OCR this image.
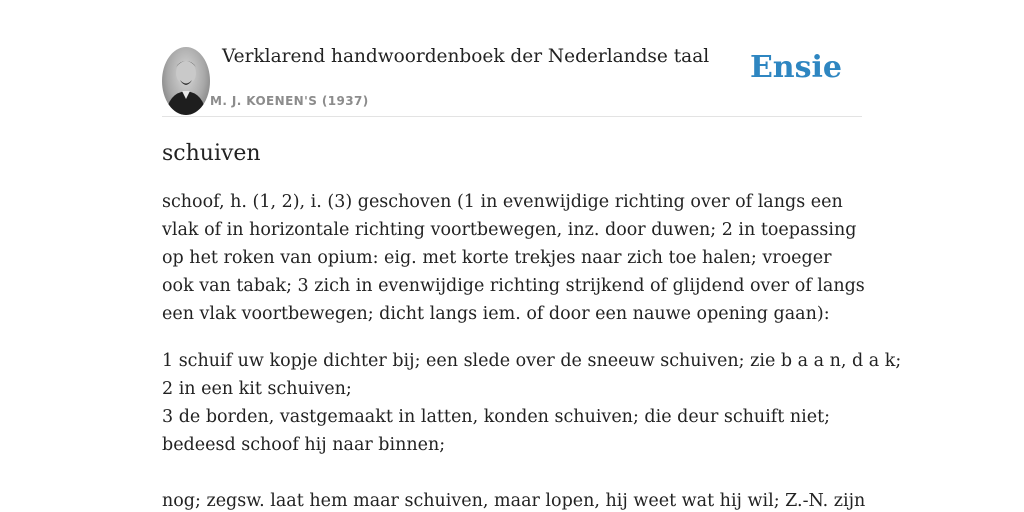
Verklarend handwoordenboek der Nederlandse taal
M. J. KOENEN'S (1937)
Ensie
schuiven

schoof, h. (1, 2), i. (3) geschoven (1 in evenwijdige richting over of langs een vlak of in horizontale richting voortbewegen, inz. door duwen; 2 in toepassing op het roken van opium: eig. met korte trekjes naar zich toe halen; vroeger ook van tabak; 3 zich in evenwijdige richting strijkend of glijdend over of langs een vlak voortbewegen; dicht langs iem. of door een nauwe opening gaan):

1 schuif uw kopje dichter bij; een slede over de sneeuw schuiven; zie b a a n, d a k;
2 in een kit schuiven;
3 de borden, vastgemaakt in latten, konden schuiven; die deur schuift niet;
bedeesd schoof hij naar binnen;

nog; zegsw. laat hem maar schuiven, maar lopen, hij weet wat hij wil; Z.-N. zijn
